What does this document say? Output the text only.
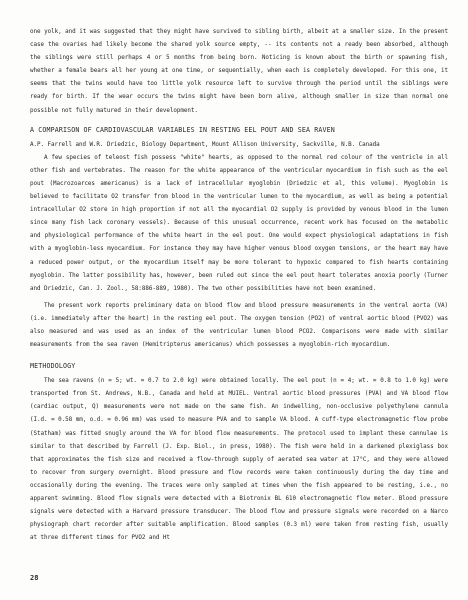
one yolk, and it was suggested that they might have survived to sibling birth, albeit at a smaller size. In the present case the ovaries had likely become the shared yolk source empty, -- its contents not a ready been absorbed, although the siblings were still perhaps 4 or 5 months from being born. Noticing is known about the birth or spawning fish, whether a female bears all her young at one time, or sequentially, when each is completely developed. For this one, it seems that the twins would have too little yolk resource left to survive through the period until the siblings were ready for birth. If the wear occurs the twins might have been born alive, although smaller in size than normal one possible not fully matured in their development.

A COMPARISON OF CARDIOVASCULAR VARIABLES IN RESTING EEL POUT AND SEA RAVEN

A.P. Farrell and W.R. Driedzic, Biology Department, Mount Allison University, Sackville, N.B. Canada

A few species of teleost fish possess "white" hearts, as opposed to the normal red colour of the ventricle in all other fish and vertebrates. The reason for the white appearance of the ventricular myocardium in fish such as the eel pout (Macrozoarces americanus) is a lack of intracellular myoglobin (Driedzic et al, this volume). Myoglobin is believed to facilitate O2 transfer from blood in the ventricular lumen to the myocardium, as well as being a potential intracellular O2 store in high proportion if not all the myocardial O2 supply is provided by venous blood in the lumen since many fish lack coronary vessels). Because of this unusual occurrence, recent work has focused on the metabolic and physiological performance of the white heart in the eel pout. One would expect physiological adaptations in fish with a myoglobin-less myocardium. For instance they may have higher venous blood oxygen tensions, or the heart may have a reduced power output, or the myocardium itself may be more tolerant to hypoxic compared to fish hearts containing myoglobin. The latter possibility has, however, been ruled out since the eel pout heart tolerates anoxia poorly (Turner and Driedzic, Can. J. Zool., 58:886-889, 1980). The two other possibilities have not been examined.

The present work reports preliminary data on blood flow and blood pressure measurements in the ventral aorta (VA) (i.e. immediately after the heart) in the resting eel pout. The oxygen tension (PO2) of ventral aortic blood (PVO2) was also measured and was used as an index of the ventricular lumen blood PCO2. Comparisons were made with similar measurements from the sea raven (Hemitripterus americanus) which possesses a myoglobin-rich myocardium.

METHODOLOGY

The sea ravens (n = 5; wt. = 0.7 to 2.0 kg) were obtained locally. The eel pout (n = 4; wt. = 0.8 to 1.0 kg) were transported from St. Andrews, N.B., Canada and held at MUIEL. Ventral aortic blood pressures (PVA) and VA blood flow (cardiac output, Q) measurements were not made on the same fish. An indwelling, non-occlusive polyethylene cannula (I.d. = 0.58 mm, o.d. = 0.96 mm) was used to measure PVA and to sample VA blood. A cuff-type electromagnetic flow probe (Statham) was fitted snugly around the VA for blood flow measurements. The protocol used to implant these cannulae is similar to that described by Farrell (J. Exp. Biol., in press, 1980). The fish were held in a darkened plexiglass box that approximates the fish size and received a flow-through supply of aerated sea water at 17°C, and they were allowed to recover from surgery overnight. Blood pressure and flow records were taken continuously during the day time and occasionally during the evening. The traces were only sampled at times when the fish appeared to be resting, i.e., no apparent swimming. Blood flow signals were detected with a Biotronix BL 610 electromagnetic flow meter. Blood pressure signals were detected with a Harvard pressure transducer. The blood flow and pressure signals were recorded on a Narco physiograph chart recorder after suitable amplification. Blood samples (0.3 ml) were taken from resting fish, usually at three different times for PVO2 and Ht

28
